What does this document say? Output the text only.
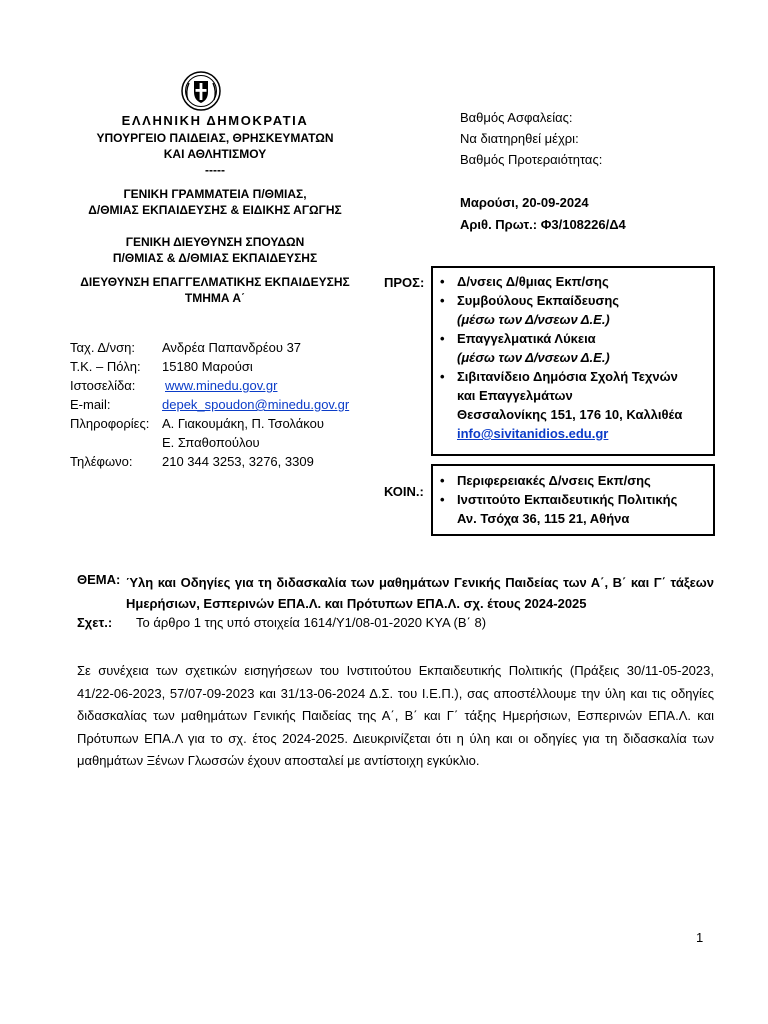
ΕΛΛΗΝΙΚΗ ΔΗΜΟΚΡΑΤΙΑ
ΥΠΟΥΡΓΕΙΟ ΠΑΙΔΕΙΑΣ, ΘΡΗΣΚΕΥΜΑΤΩΝ
ΚΑΙ ΑΘΛΗΤΙΣΜΟΥ
-----
ΓΕΝΙΚΗ ΓΡΑΜΜΑΤΕΙΑ Π/ΘΜΙΑΣ,
Δ/ΘΜΙΑΣ ΕΚΠΑΙΔΕΥΣΗΣ & ΕΙΔΙΚΗΣ ΑΓΩΓΗΣ
ΓΕΝΙΚΗ ΔΙΕΥΘΥΝΣΗ ΣΠΟΥΔΩΝ
Π/ΘΜΙΑΣ & Δ/ΘΜΙΑΣ ΕΚΠΑΙΔΕΥΣΗΣ
ΔΙΕΥΘΥΝΣΗ ΕΠΑΓΓΕΛΜΑΤΙΚΗΣ ΕΚΠΑΙΔΕΥΣΗΣ
ΤΜΗΜΑ Α΄
Βαθμός Ασφαλείας:
Να διατηρηθεί μέχρι:
Βαθμός Προτεραιότητας:
Μαρούσι, 20-09-2024
Αριθ. Πρωτ.: Φ3/108226/Δ4
Ταχ. Δ/νση: Ανδρέα Παπανδρέου 37
Τ.Κ. – Πόλη: 15180 Μαρούσι
Ιστοσελίδα: www.minedu.gov.gr
E-mail:	depek_spoudon@minedu.gov.gr
Πληροφορίες: Α. Γιακουμάκη, Π. Τσολάκου
Ε. Σπαθοπούλου
Τηλέφωνο: 210 344 3253, 3276, 3309
ΠΡΟΣ:
•	Δ/νσεις Δ/θμιας Εκπ/σης
• Συμβούλους Εκπαίδευσης
(μέσω των Δ/νσεων Δ.Ε.)
• Επαγγελματικά Λύκεια
(μέσω των Δ/νσεων Δ.Ε.)
• Σιβιτανίδειο Δημόσια Σχολή Τεχνών
και Επαγγελμάτων
Θεσσαλονίκης 151, 176 10, Καλλιθέα
info@sivitanidios.edu.gr
ΚΟΙΝ.:
• Περιφερειακές Δ/νσεις Εκπ/σης
• Ινστιτούτο Εκπαιδευτικής Πολιτικής
Αν. Τσόχα 36, 115 21, Αθήνα
ΘΕΜΑ: Ύλη και Οδηγίες για τη διδασκαλία των μαθημάτων Γενικής Παιδείας των Α΄, Β΄ και Γ΄ τάξεων Ημερήσιων, Εσπερινών ΕΠΑ.Λ. και Πρότυπων ΕΠΑ.Λ. σχ. έτους 2024-2025
Σχετ.: Το άρθρο 1 της υπό στοιχεία 1614/Υ1/08-01-2020 ΚΥΑ (Β΄ 8)
Σε συνέχεια των σχετικών εισηγήσεων του Ινστιτούτου Εκπαιδευτικής Πολιτικής (Πράξεις 30/11-05-2023, 41/22-06-2023, 57/07-09-2023 και 31/13-06-2024 Δ.Σ. του Ι.Ε.Π.), σας αποστέλλουμε την ύλη και τις οδηγίες διδασκαλίας των μαθημάτων Γενικής Παιδείας της Α΄, Β΄ και Γ΄ τάξης Ημερήσιων, Εσπερινών ΕΠΑ.Λ. και Πρότυπων ΕΠΑ.Λ για το σχ. έτος 2024-2025. Διευκρινίζεται ότι η ύλη και οι οδηγίες για τη διδασκαλία των μαθημάτων Ξένων Γλωσσών έχουν αποσταλεί με αντίστοιχη εγκύκλιο.
1
